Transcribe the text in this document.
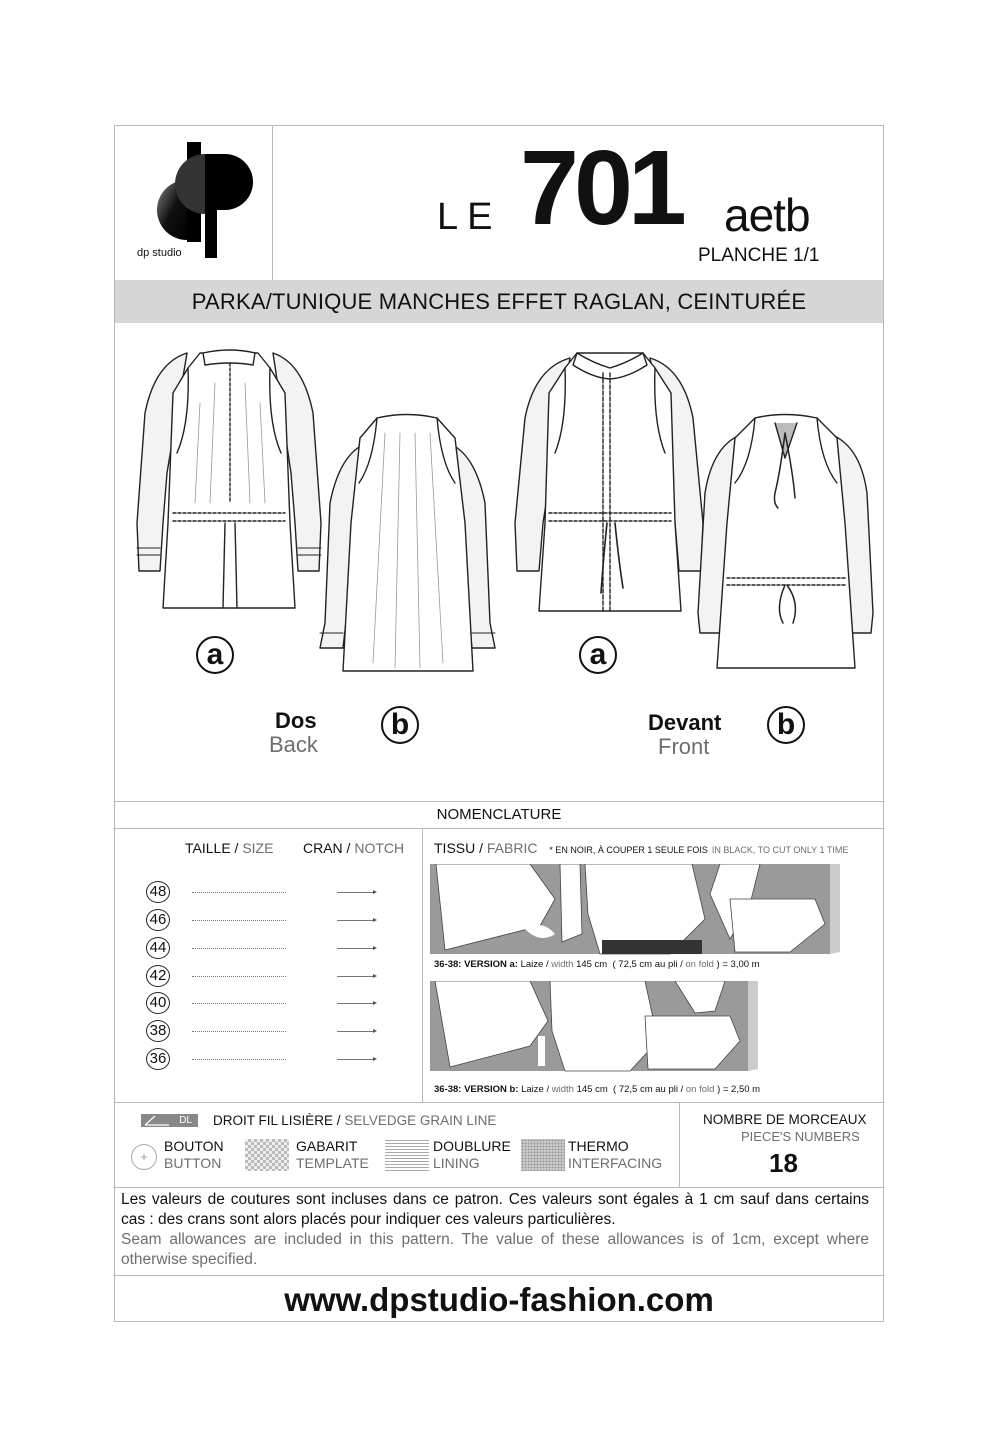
dp studio
LE 701 aetb
PLANCHE 1/1
PARKA/TUNIQUE MANCHES EFFET RAGLAN, CEINTURÉE
a	a
b	b
Dos
Back
Devant
Front
NOMENCLATURE
TAILLE / SIZE CRAN / NOTCH
48
46
44
42
40
38
36
TISSU / FABRIC * EN NOIR, À COUPER 1 SEULE FOIS IN BLACK, TO CUT ONLY 1 TIME
36-38: VERSION a: Laize / width 145 cm ( 72,5 cm au pli / on fold ) = 3,00 m
36-38: VERSION b: Laize / width 145 cm ( 72,5 cm au pli / on fold ) = 2,50 m
DL DROIT FIL LISIÈRE / SELVEDGE GRAIN LINE
+
BOUTON
BUTTON
GABARIT
TEMPLATE
DOUBLURE
LINING
THERMO
INTERFACING
NOMBRE DE MORCEAUX
PIECE'S NUMBERS
18
Les valeurs de coutures sont incluses dans ce patron. Ces valeurs sont égales à 1 cm sauf dans certains cas : des crans sont alors placés pour indiquer ces valeurs particulières.
Seam allowances are included in this pattern. The value of these allowances is of 1cm, except where otherwise specified.
www.dpstudio-fashion.com
